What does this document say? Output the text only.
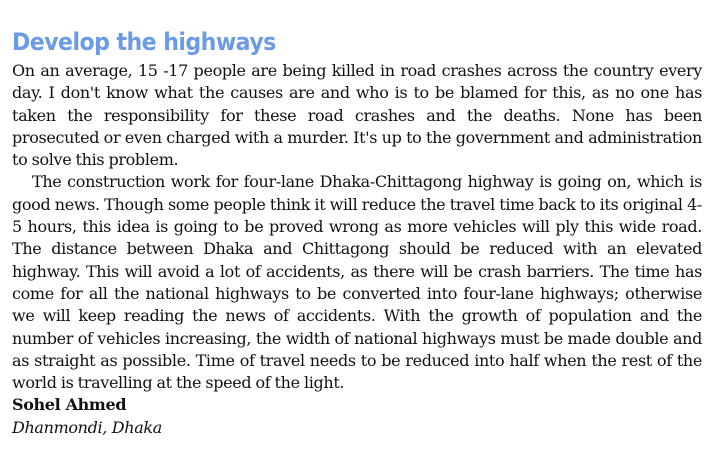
Develop the highways

On an average, 15 -17 people are being killed in road crashes across the country every day. I don't know what the causes are and who is to be blamed for this, as no one has taken the responsibility for these road crashes and the deaths. None has been prosecuted or even charged with a murder. It's up to the government and administration to solve this problem.

The construction work for four-lane Dhaka-Chittagong highway is going on, which is good news. Though some people think it will reduce the travel time back to its original 4-5 hours, this idea is going to be proved wrong as more vehicles will ply this wide road. The distance between Dhaka and Chittagong should be reduced with an elevated highway. This will avoid a lot of accidents, as there will be crash barriers. The time has come for all the national highways to be converted into four-lane highways; otherwise we will keep reading the news of accidents. With the growth of population and the number of vehicles increasing, the width of national highways must be made double and as straight as possible. Time of travel needs to be reduced into half when the rest of the world is travelling at the speed of the light.

Sohel Ahmed

Dhanmondi, Dhaka
